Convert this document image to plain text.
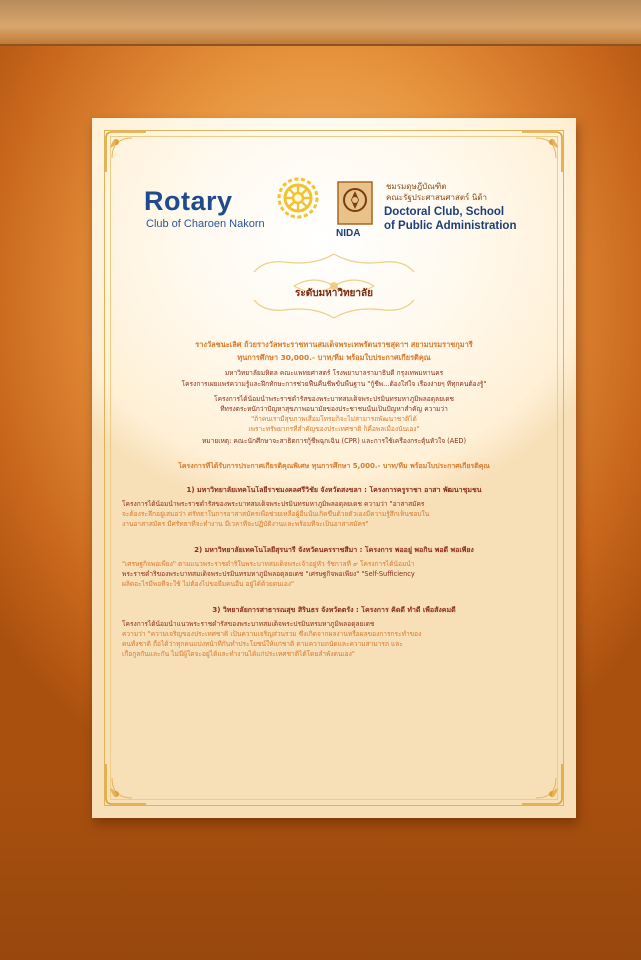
Rotary
Club of Charoen Nakorn
ชมรมดุษฎีบัณฑิต
คณะรัฐประศาสนศาสตร์ นิด้า
Doctoral Club, School
of Public Administration
NIDA
ระดับมหาวิทยาลัย
รางวัลชนะเลิศ ถ้วยรางวัลพระราชทานสมเด็จพระเทพรัตนราชสุดาฯ สยามบรมราชกุมารี
ทุนการศึกษา 30,000.- บาท/ทีม พร้อมใบประกาศเกียรติคุณ
มหาวิทยาลัยมหิดล คณะแพทยศาสตร์ โรงพยาบาลรามาธิบดี กรุงเทพมหานคร
โครงการเผยแพร่ความรู้และฝึกทักษะการช่วยฟื้นคืนชีพขั้นพื้นฐาน "กู้ชีพ...ต้องใส่ใจ เรื่องง่ายๆ ที่ทุกคนต้องรู้"
โครงการได้น้อมนำพระราชดำรัสของพระบาทสมเด็จพระปรมินทรมหาภูมิพลอดุลยเดช
ที่ทรงตระหนักว่าปัญหาสุขภาพอนามัยของประชาชนนั้นเป็นปัญหาสำคัญ ความว่า
"ถ้าคนเรามีสุขภาพเสื่อมโทรมก็จะไม่สามารถพัฒนาชาติได้
เพราะทรัพยากรที่สำคัญของประเทศชาติ ก็คือพลเมืองนั่นเอง"
หมายเหตุ: คณะนักศึกษาจะสาธิตการกู้ชีพฉุกเฉิน (CPR) และการใช้เครื่องกระตุ้นหัวใจ (AED)
โครงการที่ได้รับการประกาศเกียรติคุณพิเศษ ทุนการศึกษา 5,000.- บาท/ทีม พร้อมใบประกาศเกียรติคุณ
1) มหาวิทยาลัยเทคโนโลยีราชมงคลศรีวิชัย จังหวัดสงขลา : โครงการครูราชา อาสา พัฒนาชุมชน
โครงการได้น้อมนำพระราชดำรัสของพระบาทสมเด็จพระปรมินทรมหาภูมิพลอดุลยเดช ความว่า "อาสาสมัคร
จะต้องระลึกอยู่เสมอว่า ศรัทธาในการอาสาสมัครเพื่อช่วยเหลือผู้อื่นนั้นเกิดขึ้นด้วยตัวเองมีความรู้สึกเห็นชอบใน
งานอาสาสมัคร มีศรัทธาที่จะทำงาน มีเวลาที่จะปฏิบัติงานและพร้อมที่จะเป็นอาสาสมัคร"
2) มหาวิทยาลัยเทคโนโลยีสุรนารี จังหวัดนครราชสีมา : โครงการ พออยู่ พอกิน พอดี พอเพียง
"เศรษฐกิจพอเพียง" ตามแนวพระราชดำริในพระบาทสมเด็จพระเจ้าอยู่หัว รัชกาลที่ ๙ โครงการได้น้อมนำ
พระราชดำริของพระบาทสมเด็จพระปรมินทรมหาภูมิพลอดุลยเดช "เศรษฐกิจพอเพียง" "Self-Sufficiency
ผลิตอะไรมีพอที่จะใช้ ไม่ต้องไปขอยืมคนอื่น อยู่ได้ด้วยตนเอง"
3) วิทยาลัยการสาธารณสุข สิรินธร จังหวัดตรัง : โครงการ คิดดี ทำดี เพื่อสังคมดี
โครงการได้น้อมนำแนวพระราชดำรัสของพระบาทสมเด็จพระปรมินทรมหาภูมิพลอดุลยเดช
ความว่า "ความเจริญของประเทศชาติ เป็นความเจริญส่วนรวม ซึ่งเกิดจากผลงานหรือผลของการกระทำของ
คนทั้งชาติ ถือได้ว่าทุกคนแบ่งหน้าที่กันทำประโยชน์ให้แก่ชาติ ตามความถนัดและความสามารถ และ
เกื้อกูลกันและกัน ไม่มีผู้ใดจะอยู่ได้และทำงานได้แก่ประเทศชาติได้โดยลำพังตนเอง"
